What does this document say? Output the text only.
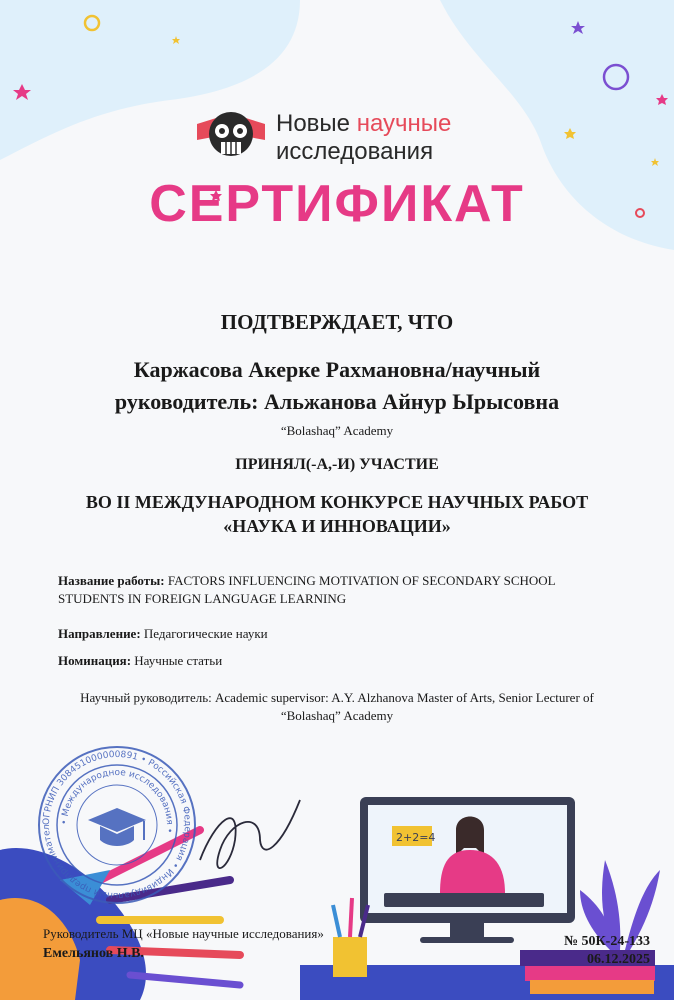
2+2=4
Новые научные
исследования
СЕРТИФИКАТ
ПОДТВЕРЖДАЕТ, ЧТО
Каржасова Акерке Рахмановна/научный
руководитель: Альжанова Айнур Ырысовна
“Bolashaq” Academy
ПРИНЯЛ(-А,-И) УЧАСТИЕ
ВО II МЕЖДУНАРОДНОМ КОНКУРСЕ НАУЧНЫХ РАБОТ
«НАУКА И ИННОВАЦИИ»
Название работы: FACTORS INFLUENCING MOTIVATION OF SECONDARY SCHOOL
STUDENTS IN FOREIGN LANGUAGE LEARNING
Направление: Педагогические науки
Номинация: Научные статьи
Научный руководитель: Academic supervisor: A.Y. Alzhanova Master of Arts, Senior Lecturer of
“Bolashaq” Academy
ОГРНИП 308451000000891 • Российская Федерация • Индивидуальный предпринимател
• Международное исследования •
Руководитель МЦ «Новые научные исследования»
Емельянов Н.В.
№ 50К-24-133
06.12.2025
